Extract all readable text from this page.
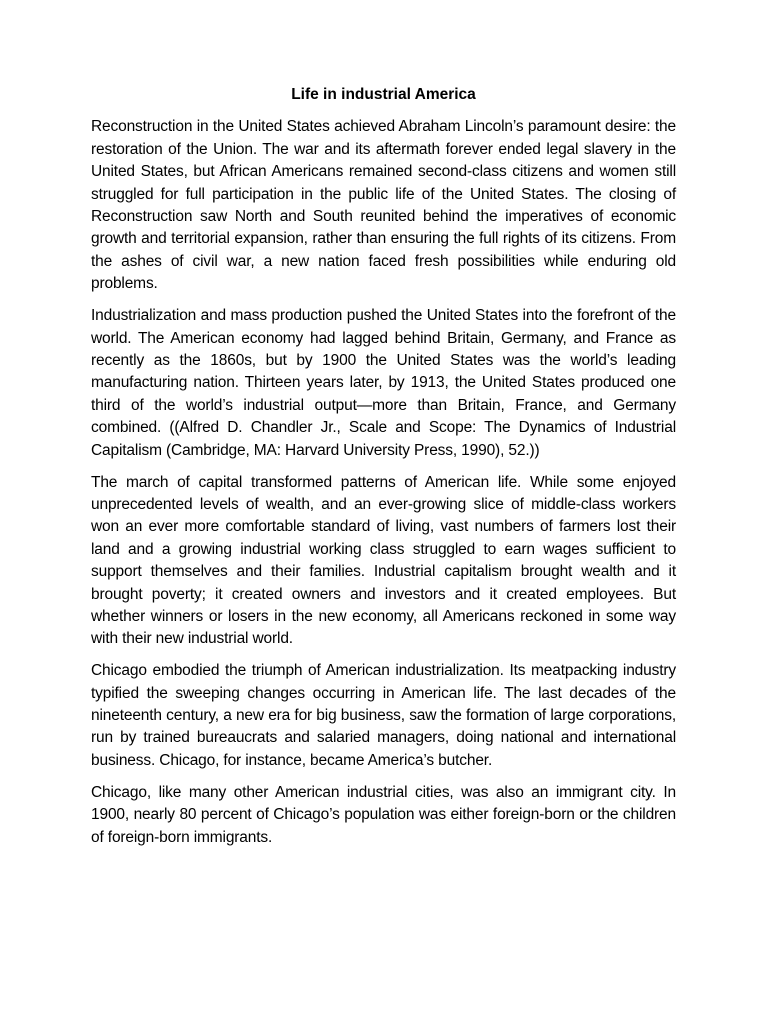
Life in industrial America

Reconstruction in the United States achieved Abraham Lincoln’s paramount desire: the restoration of the Union. The war and its aftermath forever ended legal slavery in the United States, but African Americans remained second-class citizens and women still struggled for full participation in the public life of the United States. The closing of Reconstruction saw North and South reunited behind the imperatives of economic growth and territorial expansion, rather than ensuring the full rights of its citizens. From the ashes of civil war, a new nation faced fresh possibilities while enduring old problems.

Industrialization and mass production pushed the United States into the forefront of the world. The American economy had lagged behind Britain, Germany, and France as recently as the 1860s, but by 1900 the United States was the world’s leading manufacturing nation. Thirteen years later, by 1913, the United States produced one third of the world’s industrial output—more than Britain, France, and Germany combined. ((Alfred D. Chandler Jr., Scale and Scope: The Dynamics of Industrial Capitalism (Cambridge, MA: Harvard University Press, 1990), 52.))

The march of capital transformed patterns of American life. While some enjoyed unprecedented levels of wealth, and an ever-growing slice of middle-class workers won an ever more comfortable standard of living, vast numbers of farmers lost their land and a growing industrial working class struggled to earn wages sufficient to support themselves and their families. Industrial capitalism brought wealth and it brought poverty; it created owners and investors and it created employees. But whether winners or losers in the new economy, all Americans reckoned in some way with their new industrial world.

Chicago embodied the triumph of American industrialization. Its meatpacking industry typified the sweeping changes occurring in American life. The last decades of the nineteenth century, a new era for big business, saw the formation of large corporations, run by trained bureaucrats and salaried managers, doing national and international business. Chicago, for instance, became America’s butcher.

Chicago, like many other American industrial cities, was also an immigrant city. In 1900, nearly 80 percent of Chicago’s population was either foreign-born or the children of foreign-born immigrants.
